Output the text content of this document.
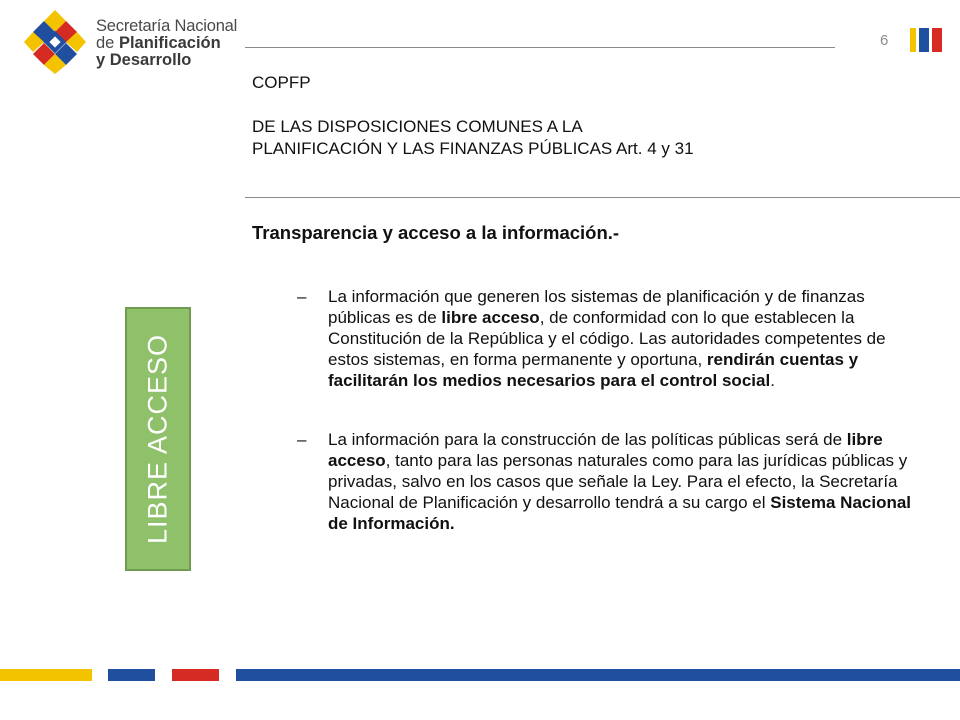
Secretaría Nacional
de Planificación
y Desarrollo
6
COPFP
DE LAS DISPOSICIONES COMUNES A LA
PLANIFICACIÓN Y LAS FINANZAS PÚBLICAS Art. 4 y 31
Transparencia y acceso a la información.-

– La información que generen los sistemas de planificación y de finanzas públicas es de libre acceso, de conformidad con lo que establecen la Constitución de la República y el código. Las autoridades competentes de estos sistemas, en forma permanente y oportuna, rendirán cuentas y facilitarán los medios necesarios para el control social.

– La información para la construcción de las políticas públicas será de libre acceso, tanto para las personas naturales como para las jurídicas públicas y privadas, salvo en los casos que señale la Ley. Para el efecto, la Secretaría Nacional de Planificación y desarrollo tendrá a su cargo el Sistema Nacional de Información.

LIBRE ACCESO
